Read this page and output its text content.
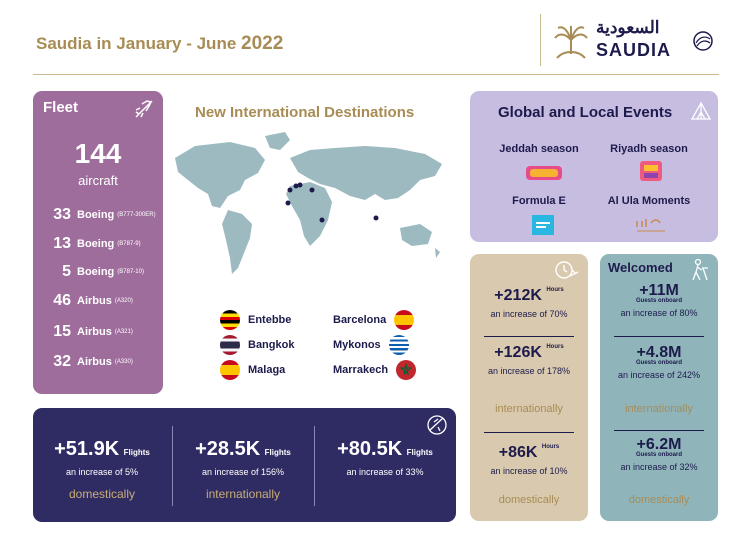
Saudia in January - June 2022
السعودية
SAUDIA
Fleet
144
aircraft
33 Boeing (B777-300ER)
13 Boeing (B787-9)
5 Boeing (B787-10)
46 Airbus (A320)
15 Airbus (A321)
32 Airbus (A330)
New International Destinations
Entebbe	Barcelona
Bangkok	Mykonos
Malaga	Marrakech
Global and Local Events
Jeddah season	Riyadh season
Formula E	Al Ula Moments
+212K $^{Hours}$
an increase of 70%
+126K $^{Hours}$
an increase of 178%
internationally
+86K $^{Hours}$
an increase of 10%
domestically
Welcomed
+11M
Guests onboard
an increase of 80%
+4.8M
Guests onboard
an increase of 242%
internationally
+6.2M
Guests onboard
an increase of 32%
domestically
+51.9K Flights
an increase of 5%
domestically
+28.5K Flights
an increase of 156%
internationally
+80.5K Flights
an increase of 33%
